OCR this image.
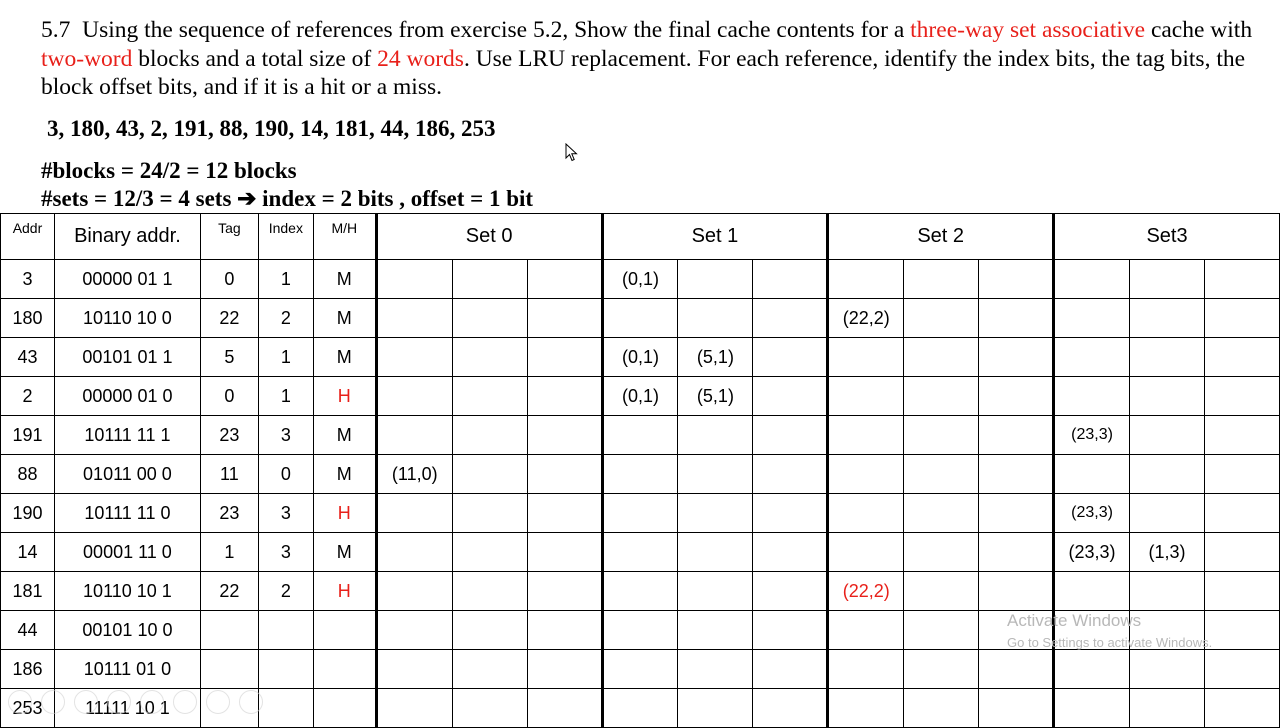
5.7 Using the sequence of references from exercise 5.2, Show the final cache contents for a three-way set associative cache with two-word blocks and a total size of 24 words. Use LRU replacement. For each reference, identify the index bits, the tag bits, the block offset bits, and if it is a hit or a miss.
3, 180, 43, 2, 191, 88, 190, 14, 181, 44, 186, 253
#blocks = 24/2 = 12 blocks
#sets = 12/3 = 4 sets ➔ index = 2 bits , offset = 1 bit
Addr	Binary addr.	Tag	Index	M/H	Set 0			Set 1			Set 2			Set3		
3	00000 01 1	0	1	M				(0,1)								
180	10110 10 0	22	2	M							(22,2)					
43	00101 01 1	5	1	M				(0,1)	(5,1)							
2	00000 01 0	0	1	H				(0,1)	(5,1)							
191	10111 11 1	23	3	M										(23,3)		
88	01011 00 0	11	0	M	(11,0)											
190	10111 11 0	23	3	H										(23,3)		
14	00001 11 0	1	3	M										(23,3)	(1,3)	
181	10110 10 1	22	2	H							(22,2)					
44	00101 10 0															
186	10111 01 0															
253	11111 10 1															
Activate Windows
Go to Settings to activate Windows.
